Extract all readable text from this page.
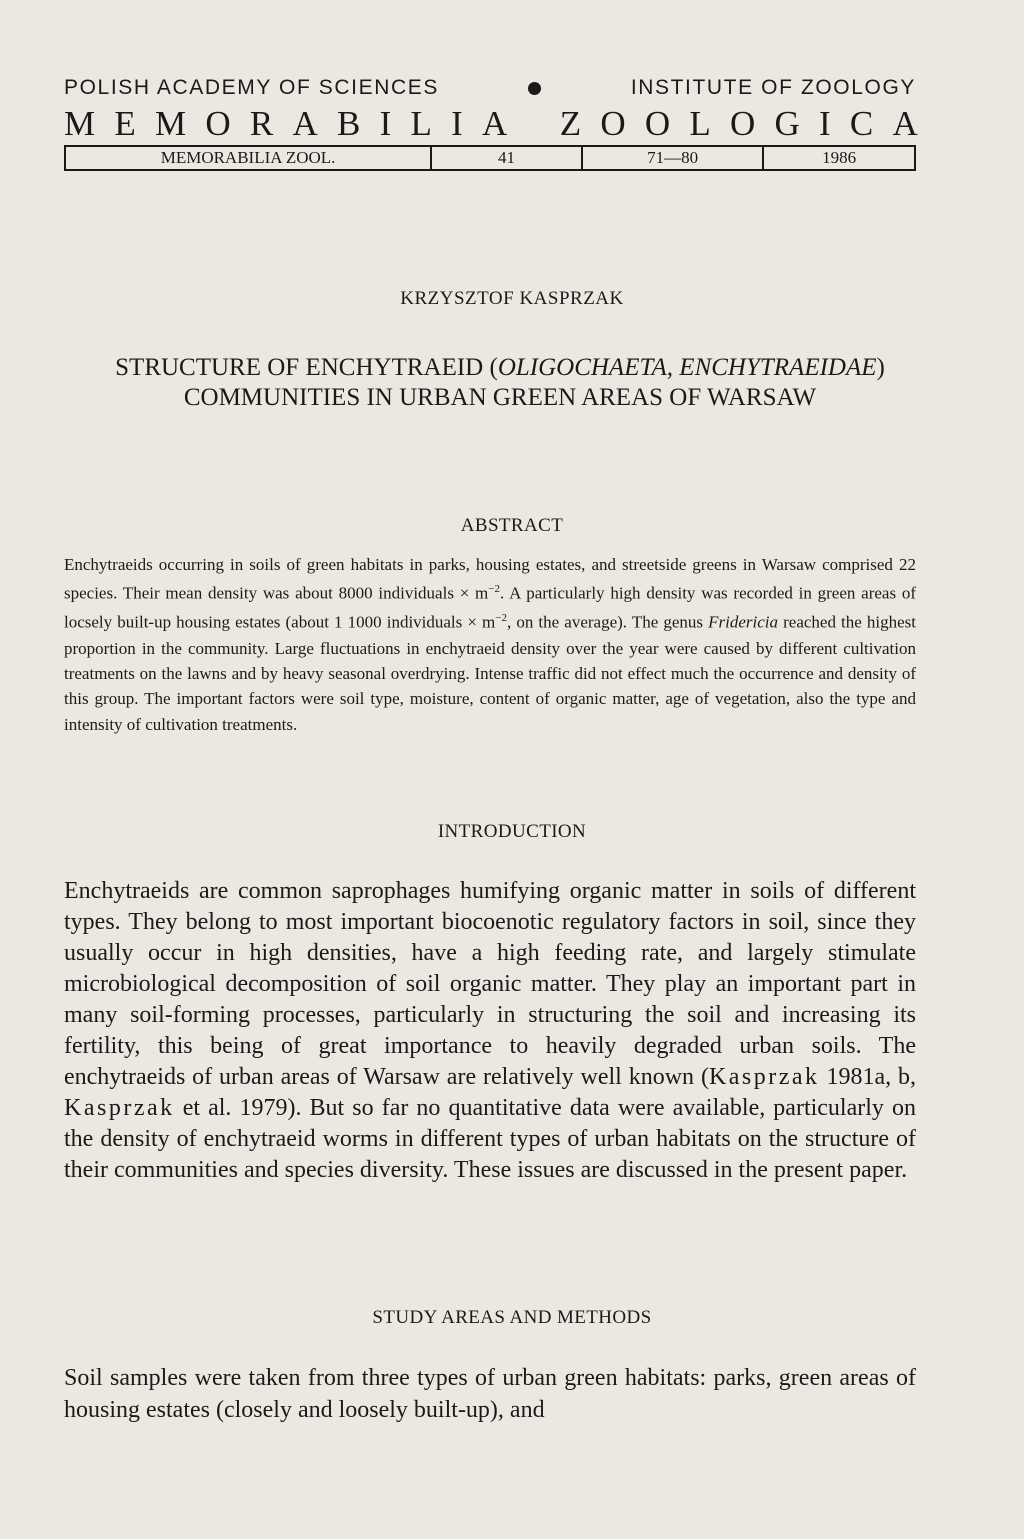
POLISH ACADEMY OF SCIENCES	INSTITUTE OF ZOOLOGY
M E M O R A B I L I A Z O O L O G I C A
MEMORABILIA ZOOL.	41	71—80	1986
KRZYSZTOF KASPRZAK
STRUCTURE OF ENCHYTRAEID (OLIGOCHAETA, ENCHYTRAEIDAE)
COMMUNITIES IN URBAN GREEN AREAS OF WARSAW
ABSTRACT
Enchytraeids occurring in soils of green habitats in parks, housing estates, and streetside greens in Warsaw comprised 22 species. Their mean density was about 8000 individuals × $m^{-2}$. A particularly high density was recorded in green areas of locsely built-up housing estates (about 1 1000 individuals × $m^{-2}$, on the average). The genus Fridericia reached the highest proportion in the community. Large fluctuations in enchytraeid density over the year were caused by different cultivation treatments on the lawns and by heavy seasonal overdrying. Intense traffic did not effect much the occurrence and density of this group. The important factors were soil type, moisture, content of organic matter, age of vegetation, also the type and intensity of cultivation treatments.
INTRODUCTION
Enchytraeids are common saprophages humifying organic matter in soils of different types. They belong to most important biocoenotic regulatory factors in soil, since they usually occur in high densities, have a high feeding rate, and largely stimulate microbiological decomposition of soil organic matter. They play an important part in many soil-forming processes, particularly in structuring the soil and increasing its fertility, this being of great importance to heavily degraded urban soils. The enchytraeids of urban areas of Warsaw are relatively well known (Kasprzak 1981a, b, Kasprzak et al. 1979). But so far no quantitative data were available, particularly on the density of enchytraeid worms in different types of urban habitats on the structure of their communities and species diversity. These issues are discussed in the present paper.
STUDY AREAS AND METHODS
Soil samples were taken from three types of urban green habitats: parks, green areas of housing estates (closely and loosely built-up), and
